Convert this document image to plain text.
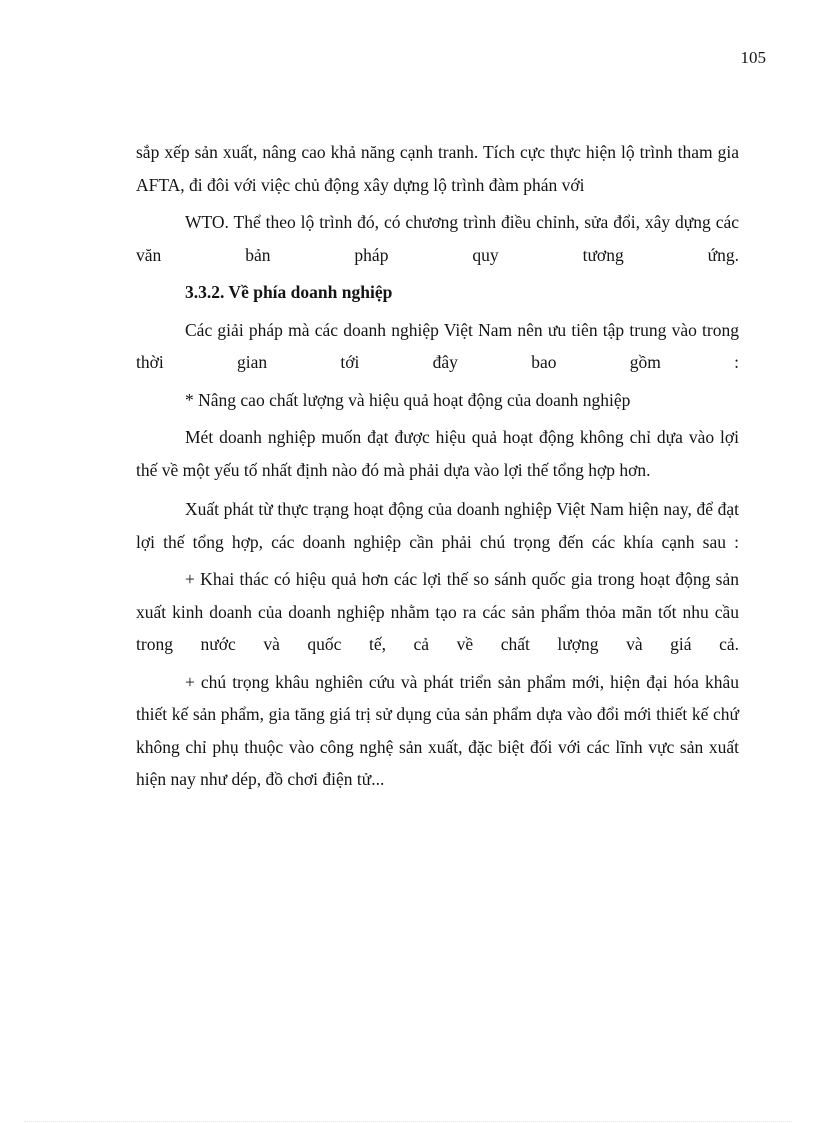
105

sắp xếp sản xuất, nâng cao khả năng cạnh tranh. Tích cực thực hiện lộ trình tham gia AFTA, đi đôi với việc chủ động xây dựng lộ trình đàm phán với

WTO. Thể theo lộ trình đó, có chương trình điều chỉnh, sửa đổi, xây dựng các văn bản pháp quy tương ứng.

3.3.2. Về phía doanh nghiệp

Các giải pháp mà các doanh nghiệp Việt Nam nên ưu tiên tập trung vào trong thời gian tới đây bao gồm :

* Nâng cao chất lượng và hiệu quả hoạt động của doanh nghiệp

Mét doanh nghiệp muốn đạt được hiệu quả hoạt động không chỉ dựa vào lợi thế về một yếu tố nhất định nào đó mà phải dựa vào lợi thế tổng hợp hơn.

Xuất phát từ thực trạng hoạt động của doanh nghiệp Việt Nam hiện nay, để đạt lợi thế tổng hợp, các doanh nghiệp cần phải chú trọng đến các khía cạnh sau :

+ Khai thác có hiệu quả hơn các lợi thế so sánh quốc gia trong hoạt động sản xuất kinh doanh của doanh nghiệp nhằm tạo ra các sản phẩm thỏa mãn tốt nhu cầu trong nước và quốc tế, cả về chất lượng và giá cả.

+ chú trọng khâu nghiên cứu và phát triển sản phẩm mới, hiện đại hóa khâu thiết kế sản phẩm, gia tăng giá trị sử dụng của sản phẩm dựa vào đổi mới thiết kế chứ không chỉ phụ thuộc vào công nghệ sản xuất, đặc biệt đối với các lĩnh vực sản xuất hiện nay như dép, đồ chơi điện tử...
